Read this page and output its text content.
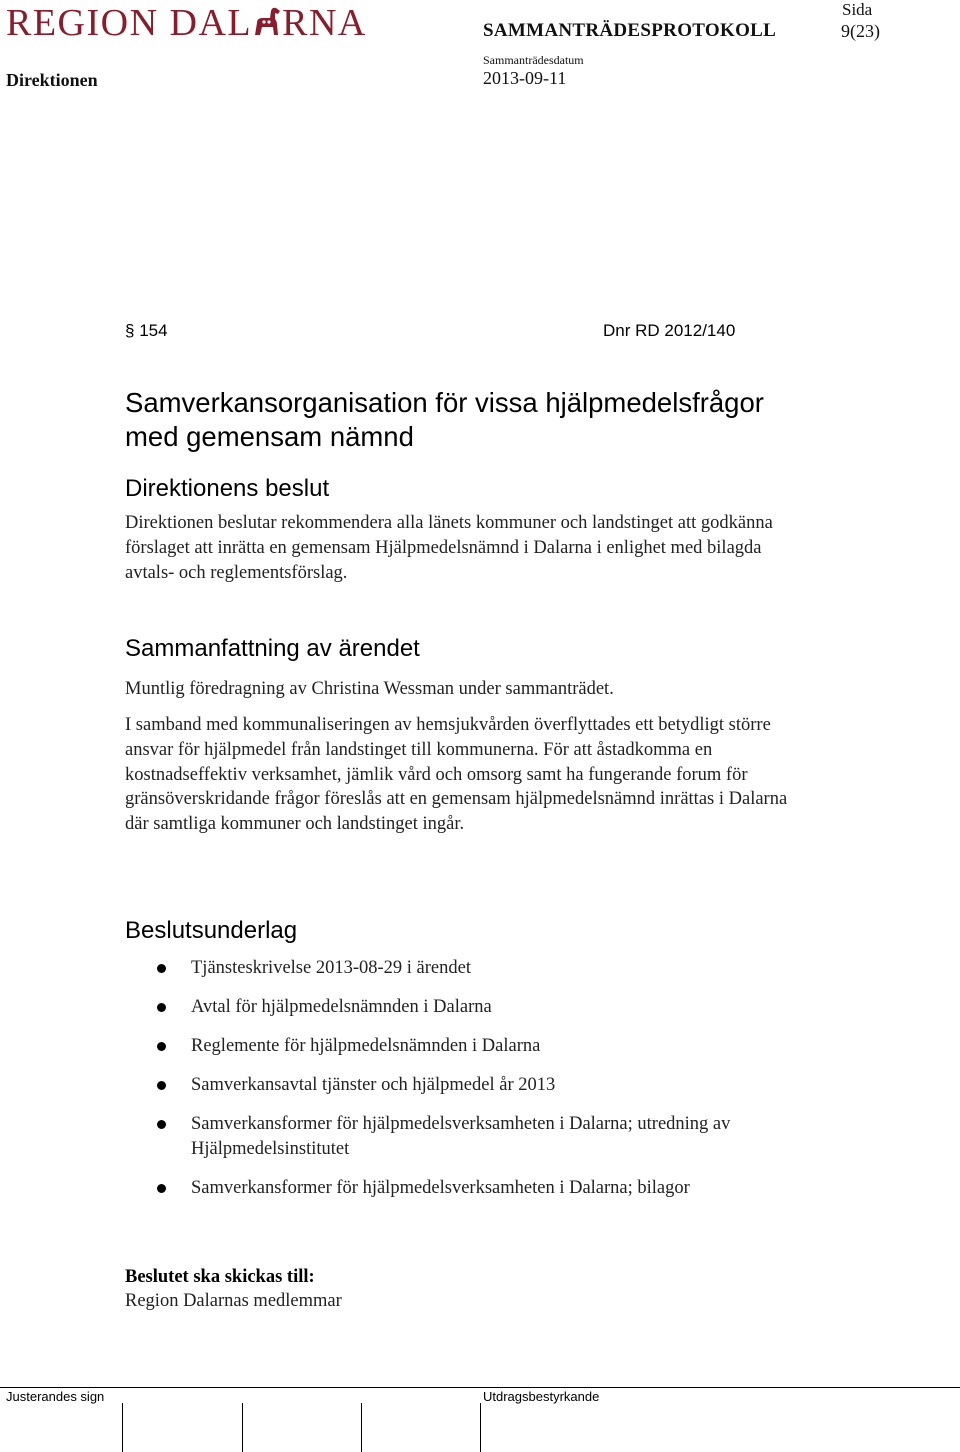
REGION DAL RNA	SAMMANTRÄDESPROTOKOLL
Sida
9(23)
Direktionen
Sammanträdesdatum
2013-09-11
§ 154	Dnr RD 2012/140
Samverkansorganisation för vissa hjälpmedelsfrågor med gemensam nämnd
Direktionens beslut
Direktionen beslutar rekommendera alla länets kommuner och landstinget att godkänna förslaget att inrätta en gemensam Hjälpmedelsnämnd i Dalarna i enlighet med bilagda avtals- och reglementsförslag.
Sammanfattning av ärendet
Muntlig föredragning av Christina Wessman under sammanträdet.
I samband med kommunaliseringen av hemsjukvården överflyttades ett betydligt större ansvar för hjälpmedel från landstinget till kommunerna. För att åstadkomma en kostnadseffektiv verksamhet, jämlik vård och omsorg samt ha fungerande forum för gränsöverskridande frågor föreslås att en gemensam hjälpmedelsnämnd inrättas i Dalarna där samtliga kommuner och landstinget ingår.
Beslutsunderlag
Tjänsteskrivelse 2013-08-29 i ärendet
Avtal för hjälpmedelsnämnden i Dalarna
Reglemente för hjälpmedelsnämnden i Dalarna
Samverkansavtal tjänster och hjälpmedel år 2013
Samverkansformer för hjälpmedelsverksamheten i Dalarna; utredning av Hjälpmedelsinstitutet
Samverkansformer för hjälpmedelsverksamheten i Dalarna; bilagor
Beslutet ska skickas till:
Region Dalarnas medlemmar
Justerandes sign	Utdragsbestyrkande
